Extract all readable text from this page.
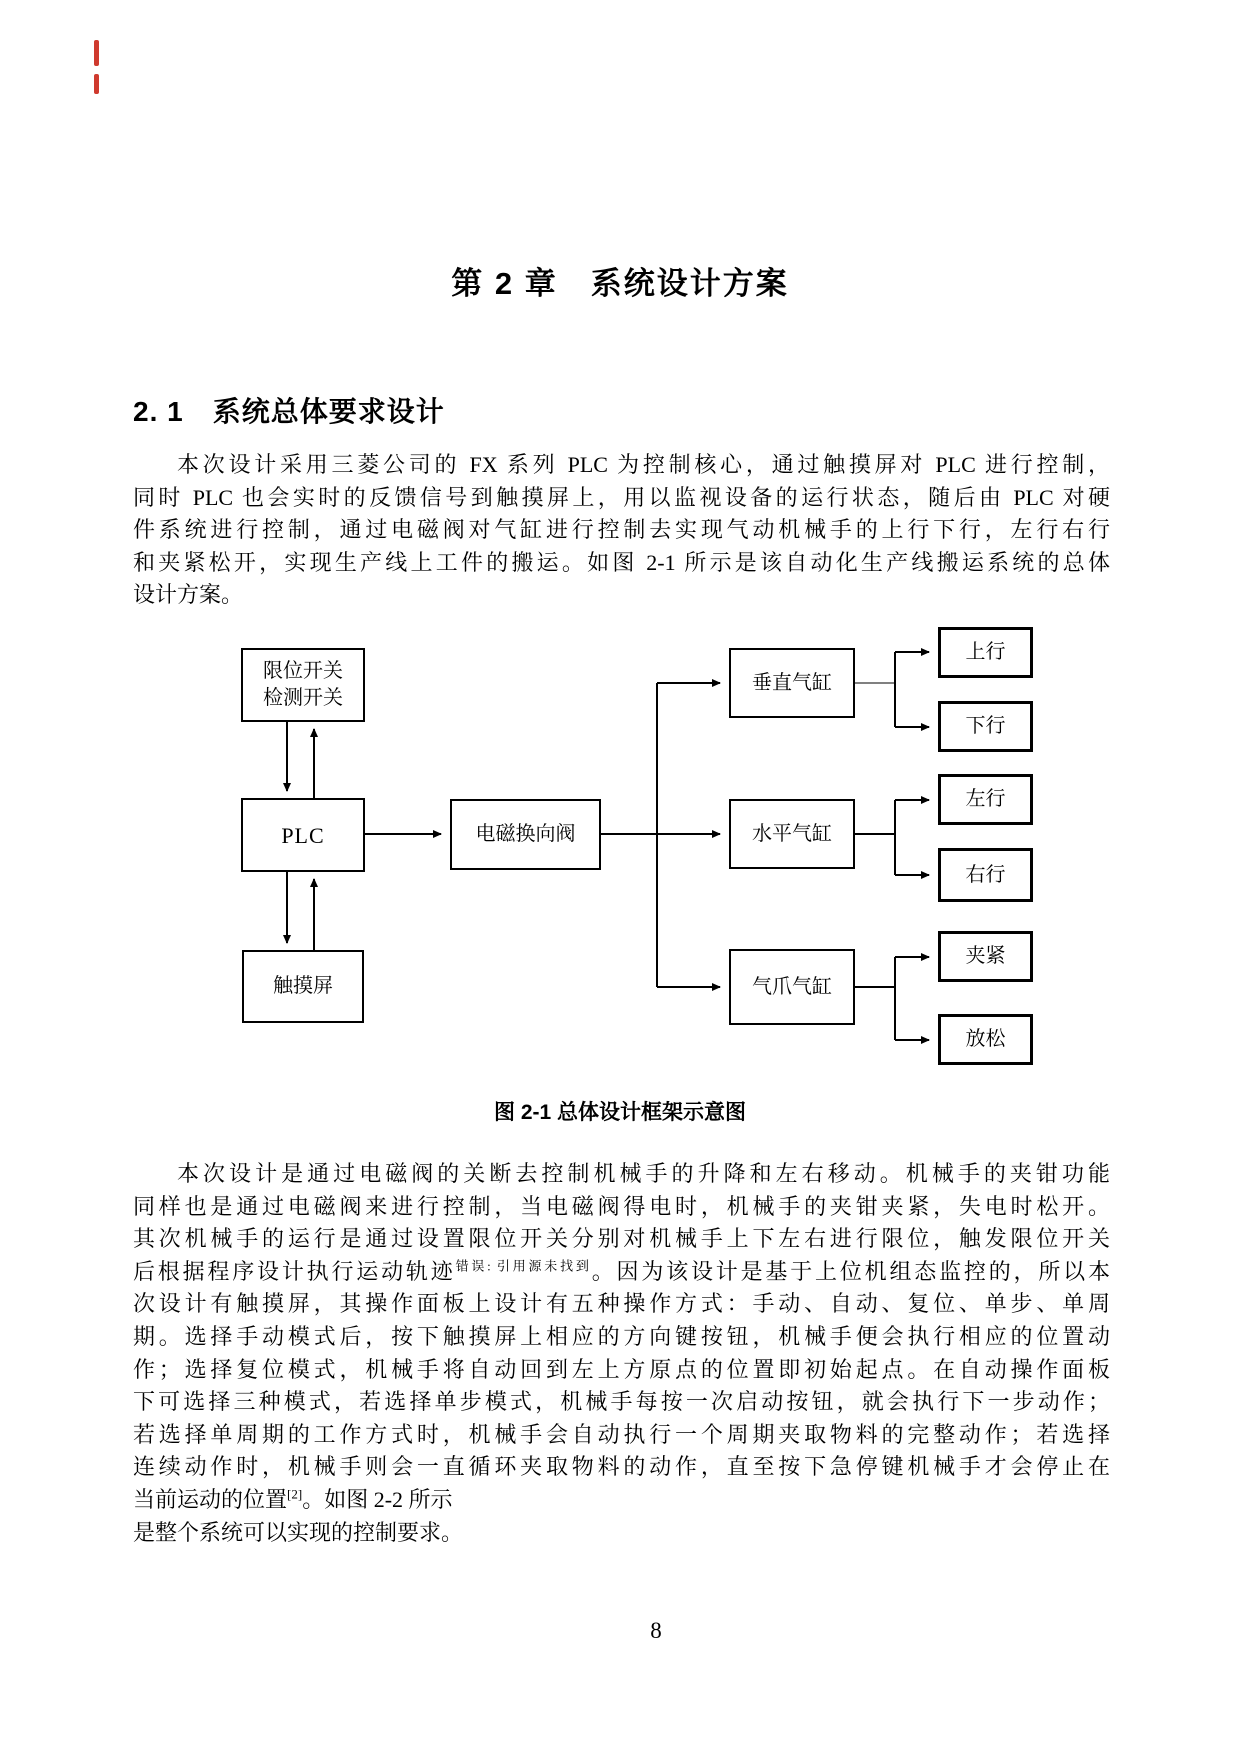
第 2 章　系统设计方案
2. 1　系统总体要求设计
本次设计采用三菱公司的 FX 系列 PLC 为控制核心，通过触摸屏对 PLC 进行控制，
同时 PLC 也会实时的反馈信号到触摸屏上，用以监视设备的运行状态，随后由 PLC 对硬
件系统进行控制，通过电磁阀对气缸进行控制去实现气动机械手的上行下行，左行右行
和夹紧松开，实现生产线上工件的搬运。如图 2-1 所示是该自动化生产线搬运系统的总体
设计方案。
限位开关
检测开关
PLC
触摸屏
电磁换向阀
垂直气缸
水平气缸
气爪气缸
上行
下行
左行
右行
夹紧
放松
图 2-1 总体设计框架示意图
本次设计是通过电磁阀的关断去控制机械手的升降和左右移动。机械手的夹钳功能
同样也是通过电磁阀来进行控制，当电磁阀得电时，机械手的夹钳夹紧，失电时松开。
其次机械手的运行是通过设置限位开关分别对机械手上下左右进行限位，触发限位开关
后根据程序设计执行运动轨迹$^{错误: 引用源未找到}$。因为该设计是基于上位机组态监控的，所以本
次设计有触摸屏，其操作面板上设计有五种操作方式：手动、自动、复位、单步、单周
期。选择手动模式后，按下触摸屏上相应的方向键按钮，机械手便会执行相应的位置动
作；选择复位模式，机械手将自动回到左上方原点的位置即初始起点。在自动操作面板
下可选择三种模式，若选择单步模式，机械手每按一次启动按钮，就会执行下一步动作；
若选择单周期的工作方式时，机械手会自动执行一个周期夹取物料的完整动作；若选择
连续动作时，机械手则会一直循环夹取物料的动作，直至按下急停键机械手才会停止在
当前运动的位置[2]。如图 2-2 所示
是整个系统可以实现的控制要求。
8
